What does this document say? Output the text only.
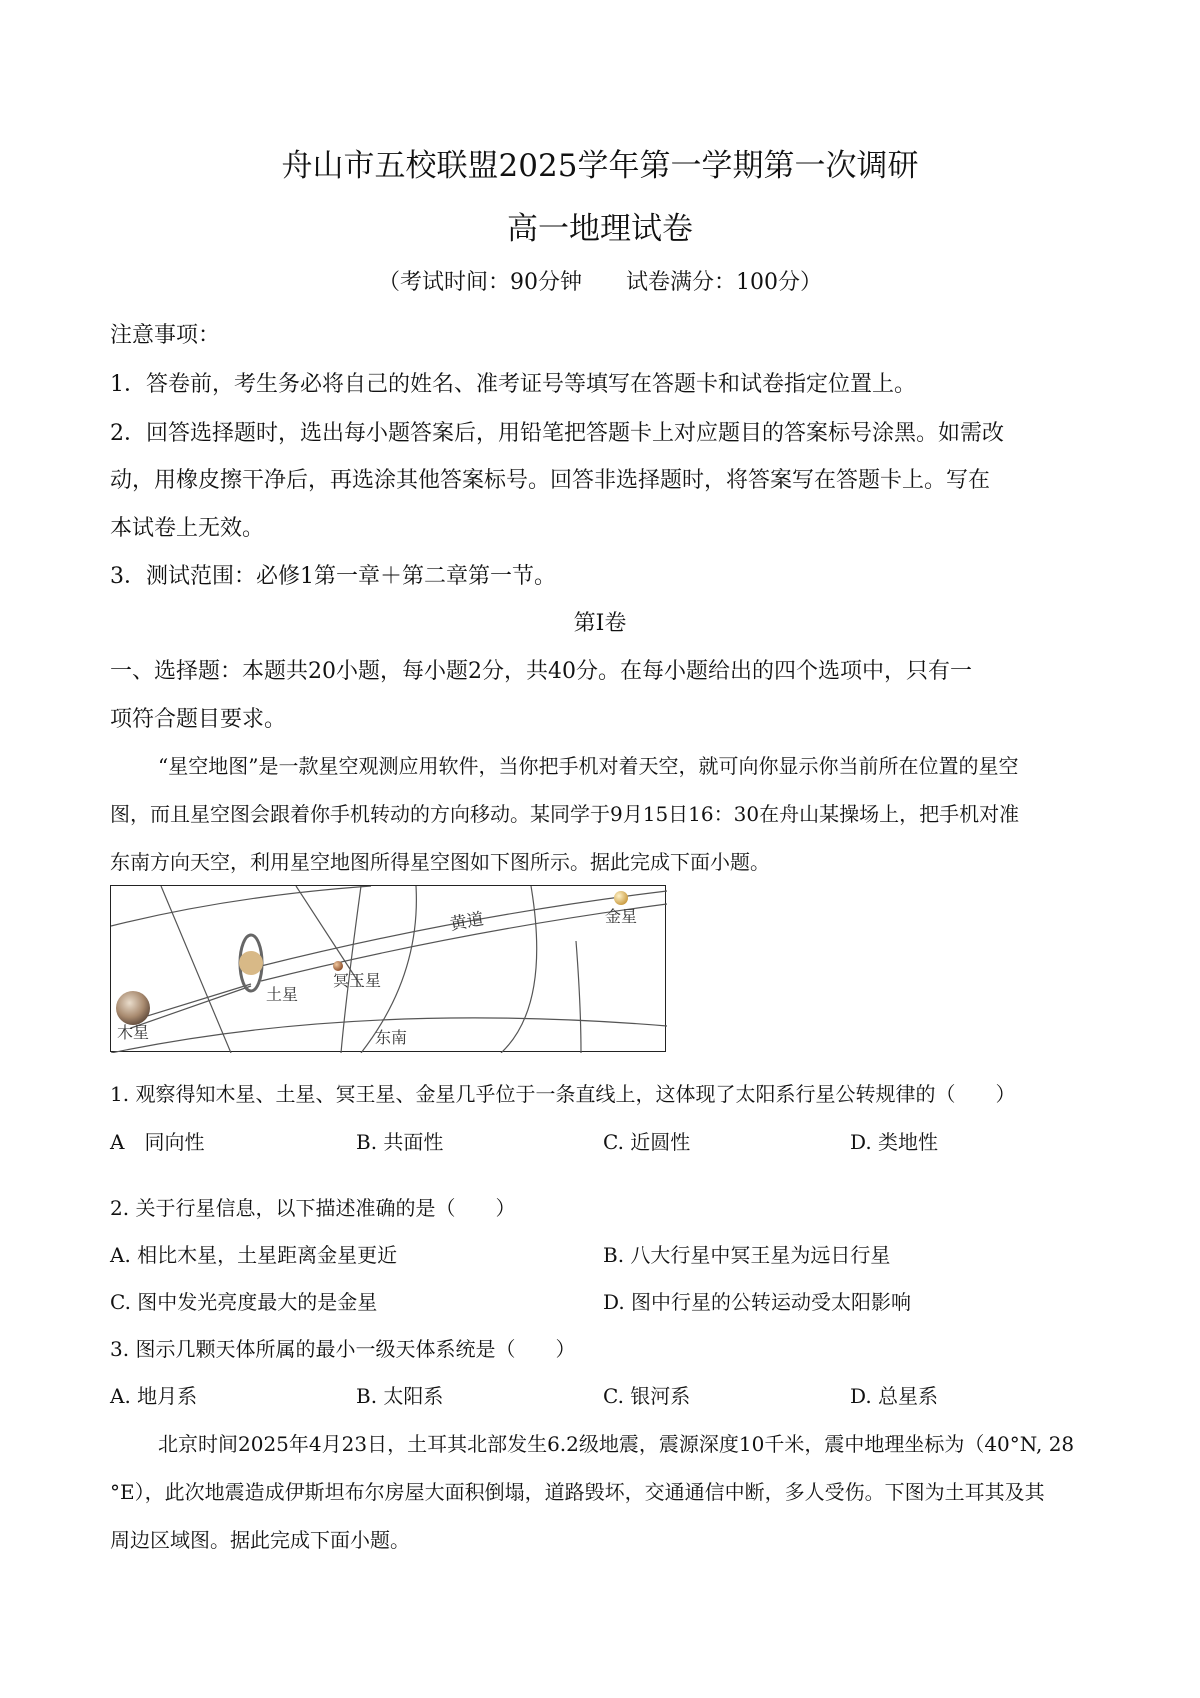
舟山市五校联盟2025学年第一学期第一次调研
高一地理试卷
（考试时间：90分钟　　试卷满分：100分）
注意事项：
1．答卷前，考生务必将自己的姓名、准考证号等填写在答题卡和试卷指定位置上。
2．回答选择题时，选出每小题答案后，用铅笔把答题卡上对应题目的答案标号涂黑。如需改
动，用橡皮擦干净后，再选涂其他答案标号。回答非选择题时，将答案写在答题卡上。写在
本试卷上无效。
3．测试范围：必修1第一章＋第二章第一节。
第I卷
一、选择题：本题共20小题，每小题2分，共40分。在每小题给出的四个选项中，只有一
项符合题目要求。
“星空地图”是一款星空观测应用软件，当你把手机对着天空，就可向你显示你当前所在位置的星空
图，而且星空图会跟着你手机转动的方向移动。某同学于9月15日16：30在舟山某操场上，把手机对准
东南方向天空，利用星空地图所得星空图如下图所示。据此完成下面小题。
黄道	金星
冥王星
土星
木星	东南
1. 观察得知木星、土星、冥王星、金星几乎位于一条直线上，这体现了太阳系行星公转规律的（　　）
A　同向性	B. 共面性	C. 近圆性	D. 类地性
2. 关于行星信息，以下描述准确的是（　　）
A. 相比木星，土星距离金星更近	B. 八大行星中冥王星为远日行星
C. 图中发光亮度最大的是金星	D. 图中行星的公转运动受太阳影响
3. 图示几颗天体所属的最小一级天体系统是（　　）
A. 地月系	B. 太阳系	C. 银河系	D. 总星系
北京时间2025年4月23日，土耳其北部发生6.2级地震，震源深度10千米，震中地理坐标为（40°N, 28
°E），此次地震造成伊斯坦布尔房屋大面积倒塌，道路毁坏，交通通信中断，多人受伤。下图为土耳其及其
周边区域图。据此完成下面小题。
